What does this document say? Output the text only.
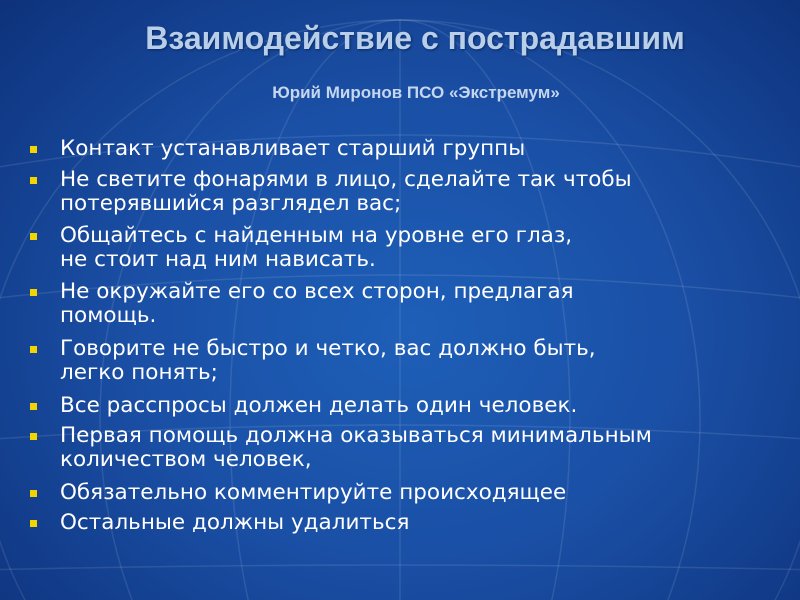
Взаимодействие с пострадавшим
Юрий Миронов ПСО «Экстремум»
Контакт устанавливает старший группы
Не светите фонарями в лицо, сделайте так чтобы
потерявшийся разглядел вас;
Общайтесь с найденным на уровне его глаз,
не стоит над ним нависать.
Не окружайте его со всех сторон, предлагая
помощь.
Говорите не быстро и четко, вас должно быть,
легко понять;
Все расспросы должен делать один человек.
Первая помощь должна оказываться минимальным
количеством человек,
Обязательно комментируйте происходящее
Остальные должны удалиться
